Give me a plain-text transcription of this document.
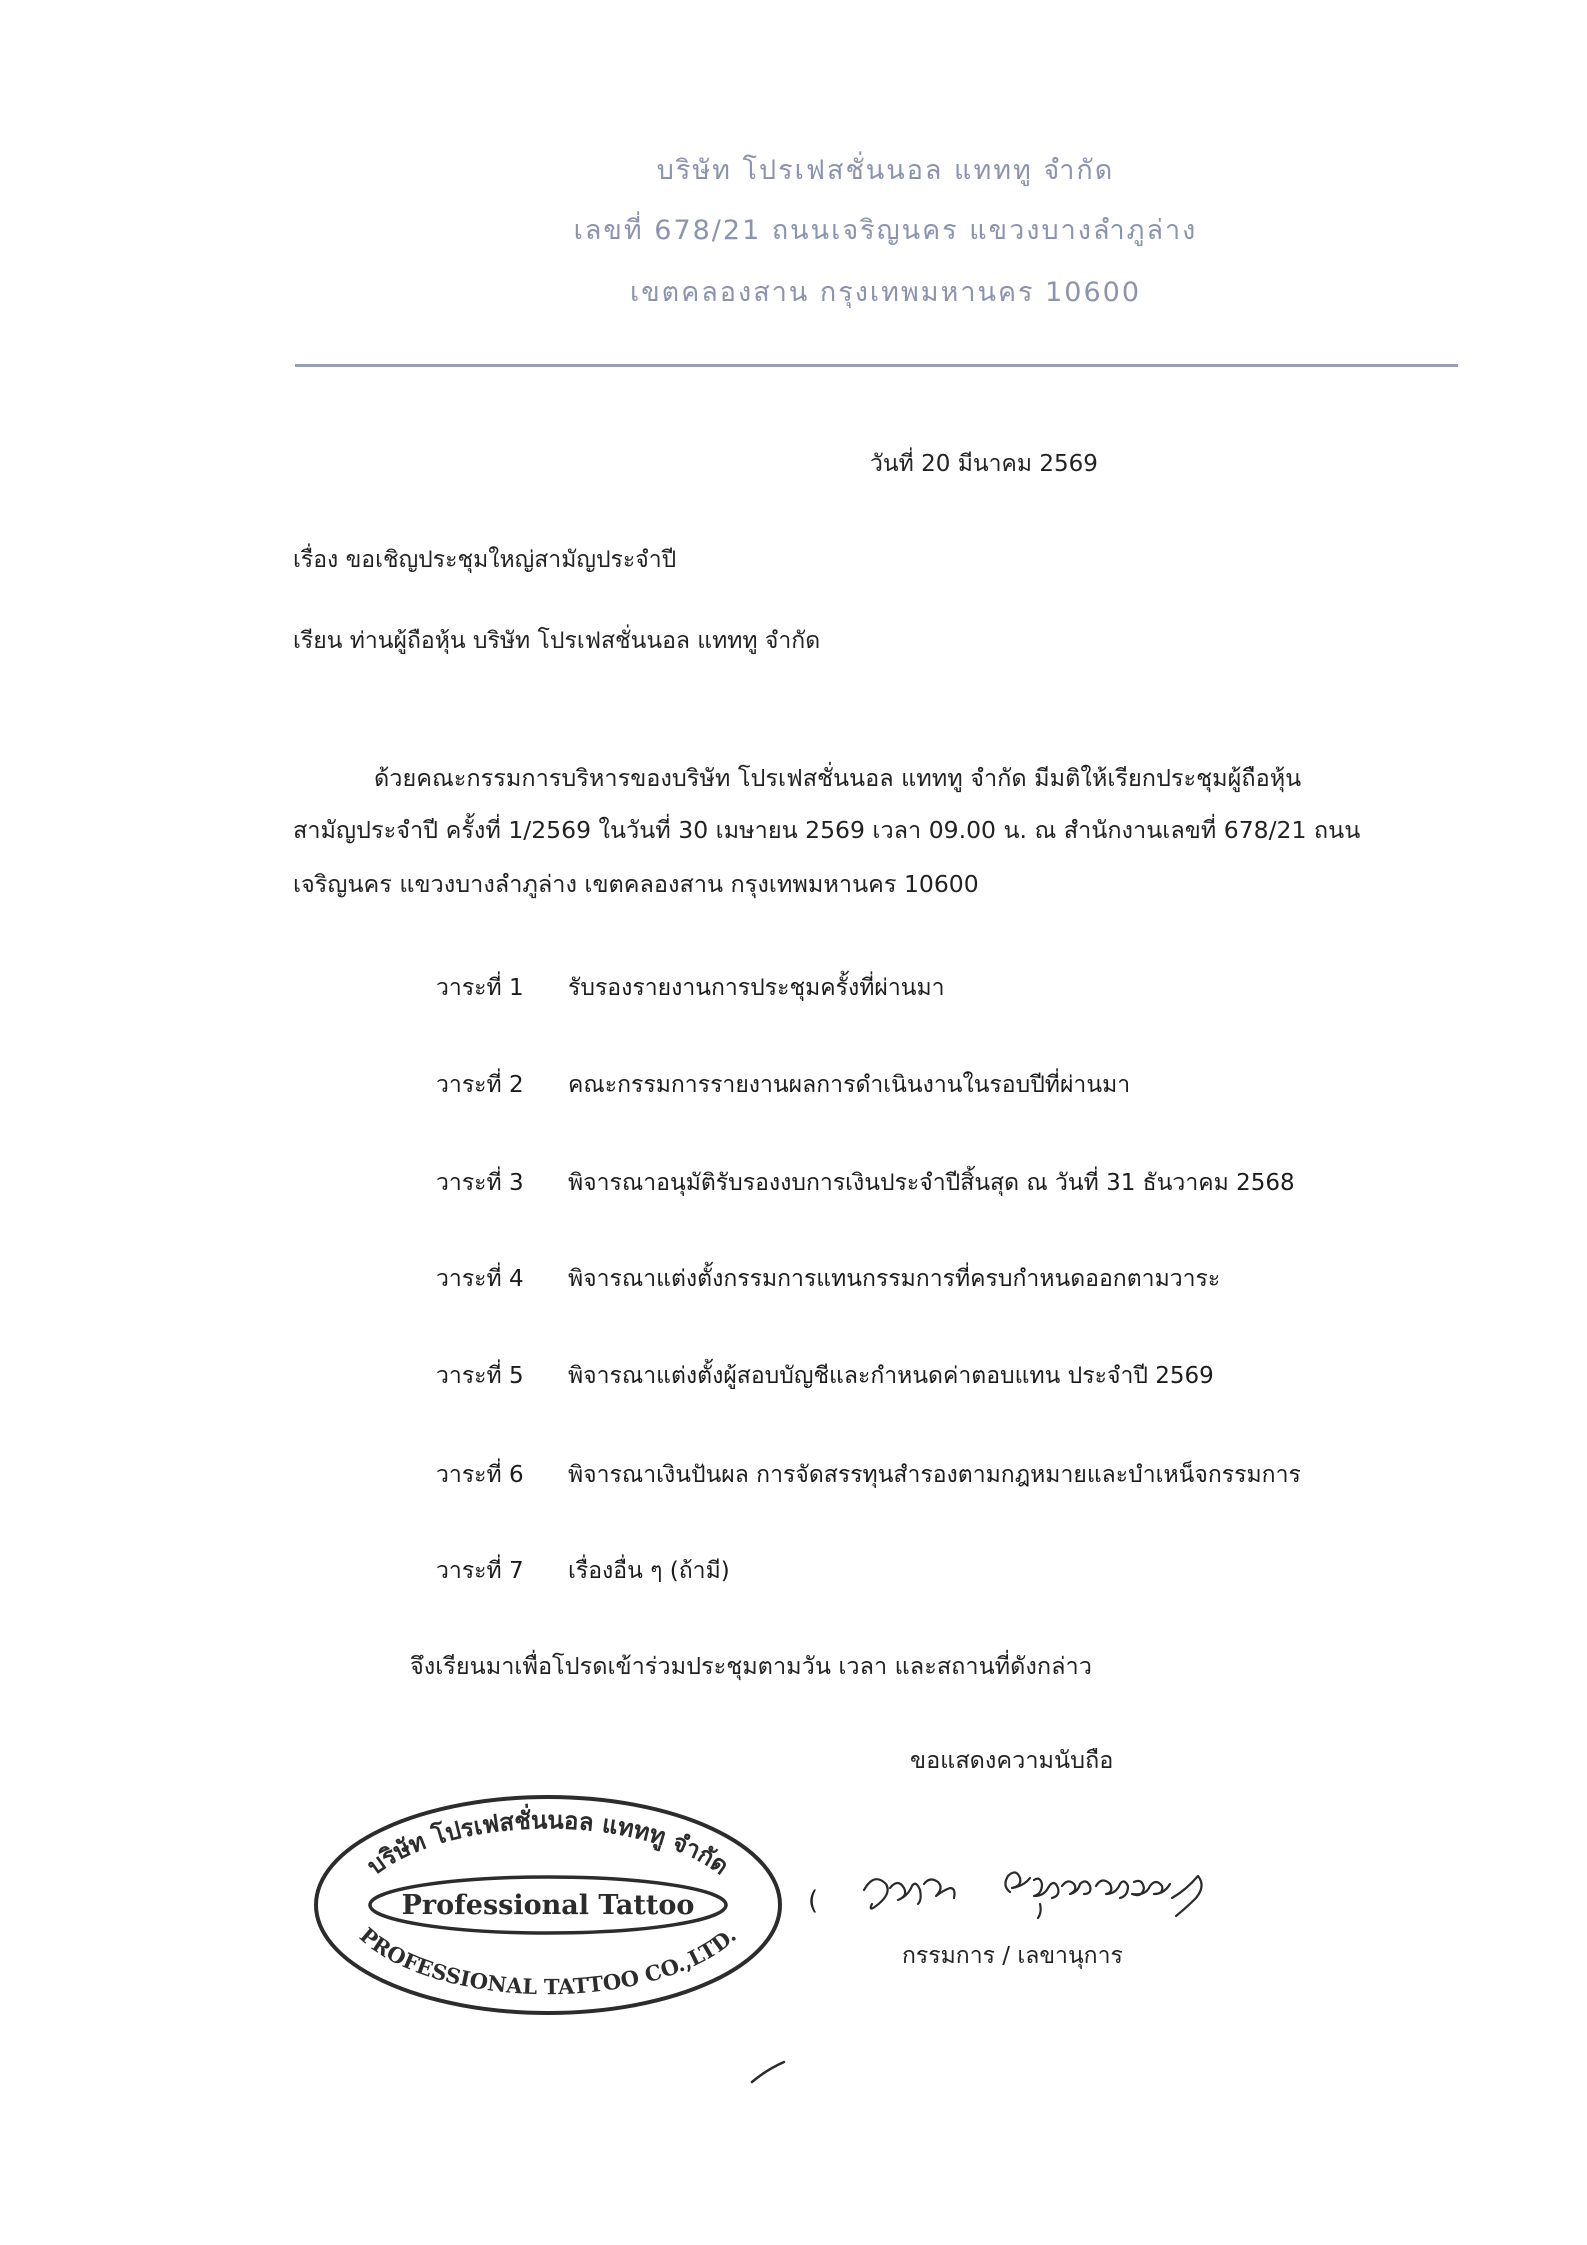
บริษัท โปรเฟสชั่นนอล แทททู จำกัด
เลขที่ 678/21 ถนนเจริญนคร แขวงบางลำภูล่าง
เขตคลองสาน กรุงเทพมหานคร 10600
วันที่ 20 มีนาคม 2569
เรื่อง ขอเชิญประชุมใหญ่สามัญประจำปี
เรียน ท่านผู้ถือหุ้น บริษัท โปรเฟสชั่นนอล แทททู จำกัด
ด้วยคณะกรรมการบริหารของบริษัท โปรเฟสชั่นนอล แทททู จำกัด มีมติให้เรียกประชุมผู้ถือหุ้น
สามัญประจำปี ครั้งที่ 1/2569 ในวันที่ 30 เมษายน 2569 เวลา 09.00 น. ณ สำนักงานเลขที่ 678/21 ถนน
เจริญนคร แขวงบางลำภูล่าง เขตคลองสาน กรุงเทพมหานคร 10600
วาระที่ 1 รับรองรายงานการประชุมครั้งที่ผ่านมา
วาระที่ 2 คณะกรรมการรายงานผลการดำเนินงานในรอบปีที่ผ่านมา
วาระที่ 3 พิจารณาอนุมัติรับรองงบการเงินประจำปีสิ้นสุด ณ วันที่ 31 ธันวาคม 2568
วาระที่ 4 พิจารณาแต่งตั้งกรรมการแทนกรรมการที่ครบกำหนดออกตามวาระ
วาระที่ 5 พิจารณาแต่งตั้งผู้สอบบัญชีและกำหนดค่าตอบแทน ประจำปี 2569
วาระที่ 6 พิจารณาเงินปันผล การจัดสรรทุนสำรองตามกฎหมายและบำเหน็จกรรมการ
วาระที่ 7 เรื่องอื่น ๆ (ถ้ามี)
จึงเรียนมาเพื่อโปรดเข้าร่วมประชุมตามวัน เวลา และสถานที่ดังกล่าว
ขอแสดงความนับถือ
บริษัท โปรเฟสชั่นนอล แทททู จำกัด
Professional Tattoo
PROFESSIONAL TATTOO CO.,LTD.
(
กรรมการ / เลขานุการ
